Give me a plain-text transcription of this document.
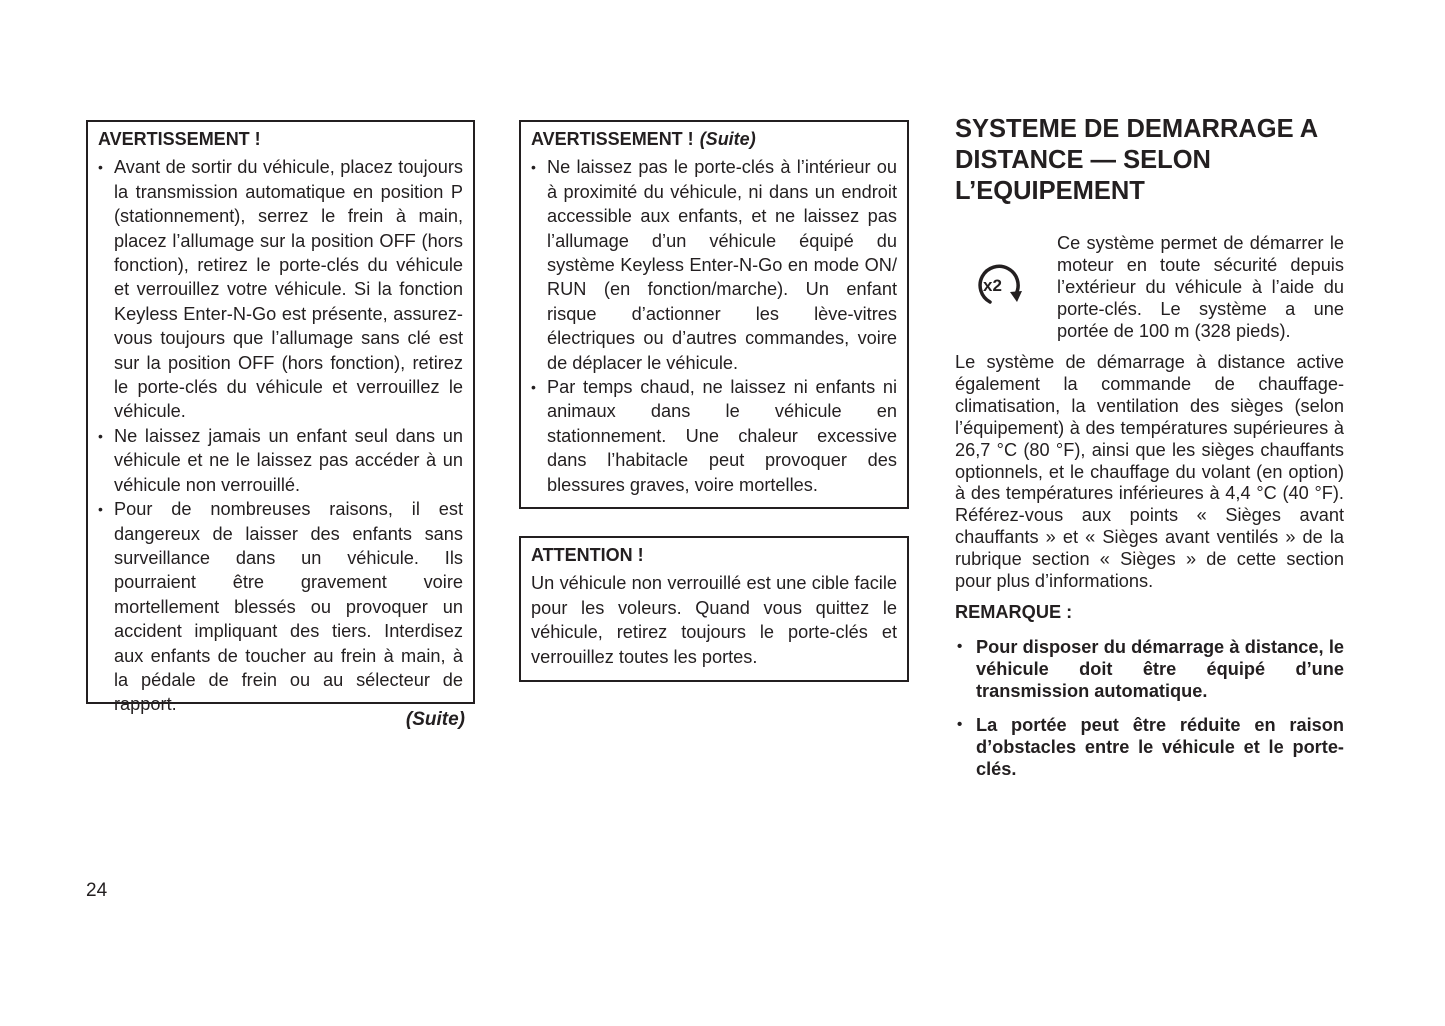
AVERTISSEMENT !
• Avant de sortir du véhicule, placez toujours la transmission automatique en position P (stationnement), serrez le frein à main, placez l’allumage sur la position OFF (hors fonction), retirez le porte-clés du véhicule et verrouillez votre véhicule. Si la fonction Keyless Enter-N-Go est présente, assurez-vous toujours que l’allumage sans clé est sur la position OFF (hors fonction), retirez le porte-clés du véhicule et verrouillez le véhicule.
• Ne laissez jamais un enfant seul dans un véhicule et ne le laissez pas accéder à un véhicule non verrouillé.
• Pour de nombreuses raisons, il est dangereux de laisser des enfants sans surveillance dans un véhicule. Ils pourraient être gravement voire mortellement blessés ou provoquer un accident impliquant des tiers. Interdisez aux enfants de toucher au frein à main, à la pédale de frein ou au sélecteur de rapport.
(Suite)
AVERTISSEMENT ! (Suite)
• Ne laissez pas le porte-clés à l’intérieur ou à proximité du véhicule, ni dans un endroit accessible aux enfants, et ne laissez pas l’allumage d’un véhicule équipé du système Keyless Enter-N-Go en mode ON/ RUN (en fonction/marche). Un enfant risque d’actionner les lève-vitres électriques ou d’autres commandes, voire de déplacer le véhicule.
• Par temps chaud, ne laissez ni enfants ni animaux dans le véhicule en stationnement. Une chaleur excessive dans l’habitacle peut provoquer des blessures graves, voire mortelles.
ATTENTION !
Un véhicule non verrouillé est une cible facile pour les voleurs. Quand vous quittez le véhicule, retirez toujours le porte-clés et verrouillez toutes les portes.
SYSTEME DE DEMARRAGE A
DISTANCE — SELON
L’EQUIPEMENT
x2

Ce système permet de démarrer le moteur en toute sécurité depuis l’extérieur du véhicule à l’aide du porte-clés. Le système a une portée de 100 m (328 pieds).

Le système de démarrage à distance active également la commande de chauffage-climatisation, la ventilation des sièges (selon l’équipement) à des températures supérieures à 26,7 °C (80 °F), ainsi que les sièges chauffants optionnels, et le chauffage du volant (en option) à des températures inférieures à 4,4 °C (40 °F). Référez-vous aux points « Sièges avant chauffants » et « Sièges avant ventilés » de la rubrique section « Sièges » de cette section pour plus d’informations.

REMARQUE :
• Pour disposer du démarrage à distance, le véhicule doit être équipé d’une transmission automatique.
• La portée peut être réduite en raison d’obstacles entre le véhicule et le porte-clés.
24
